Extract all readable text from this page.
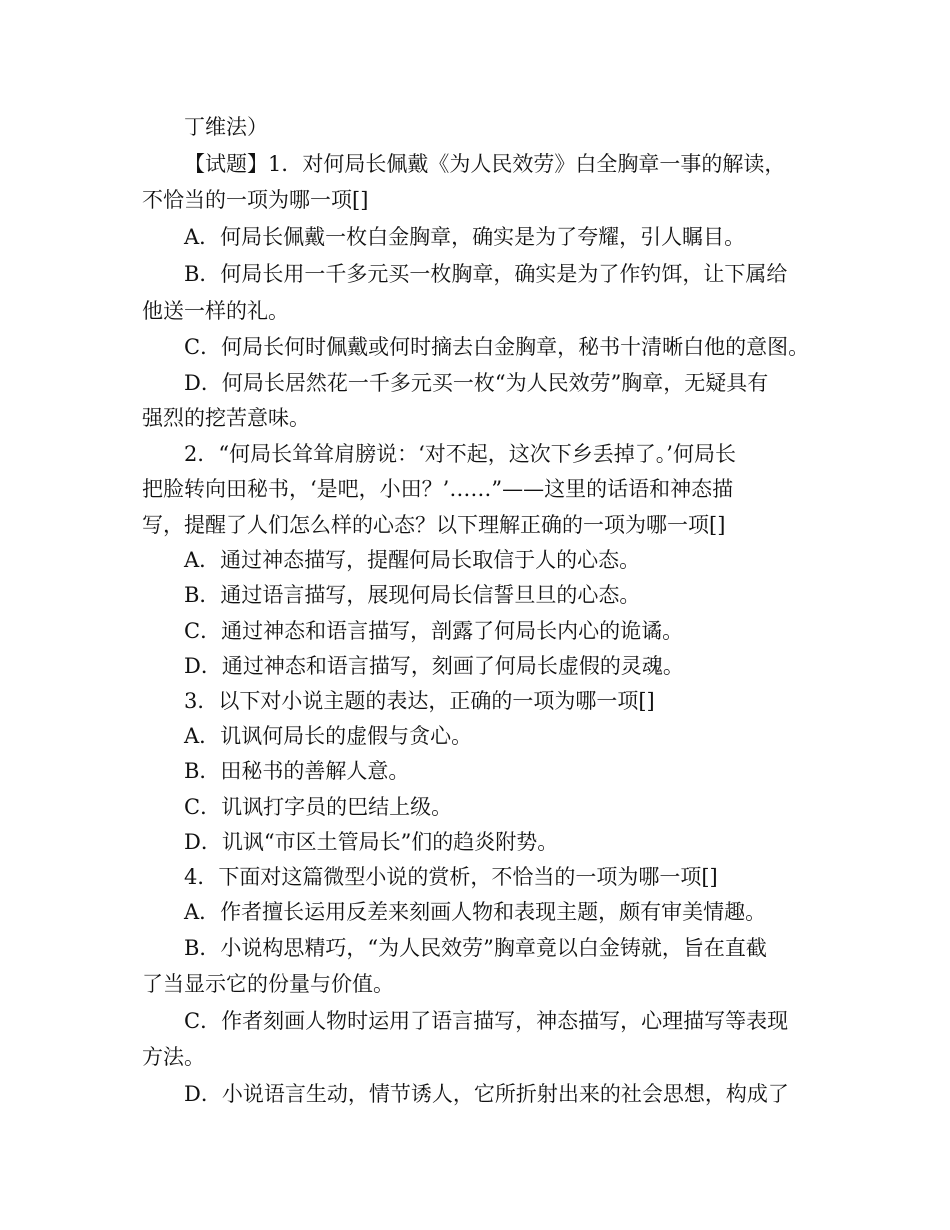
丁维法）
【试题】1．对何局长佩戴《为人民效劳》白全胸章一事的解读，
不恰当的一项为哪一项[]
A．何局长佩戴一枚白金胸章，确实是为了夸耀，引人瞩目。
B．何局长用一千多元买一枚胸章，确实是为了作钓饵，让下属给
他送一样的礼。
C．何局长何时佩戴或何时摘去白金胸章，秘书十清晰白他的意图。
D．何局长居然花一千多元买一枚“为人民效劳”胸章，无疑具有
强烈的挖苦意味。
2．“何局长耸耸肩膀说：‘对不起，这次下乡丢掉了。’何局长
把脸转向田秘书，‘是吧，小田？’……”——这里的话语和神态描
写，提醒了人们怎么样的心态？以下理解正确的一项为哪一项[]
A．通过神态描写，提醒何局长取信于人的心态。
B．通过语言描写，展现何局长信誓旦旦的心态。
C．通过神态和语言描写，剖露了何局长内心的诡谲。
D．通过神态和语言描写，刻画了何局长虚假的灵魂。
3．以下对小说主题的表达，正确的一项为哪一项[]
A．讥讽何局长的虚假与贪心。
B．田秘书的善解人意。
C．讥讽打字员的巴结上级。
D．讥讽“市区土管局长”们的趋炎附势。
4．下面对这篇微型小说的赏析，不恰当的一项为哪一项[]
A．作者擅长运用反差来刻画人物和表现主题，颇有审美情趣。
B．小说构思精巧，“为人民效劳”胸章竟以白金铸就，旨在直截
了当显示它的份量与价值。
C．作者刻画人物时运用了语言描写，神态描写，心理描写等表现
方法。
D．小说语言生动，情节诱人，它所折射出来的社会思想，构成了
